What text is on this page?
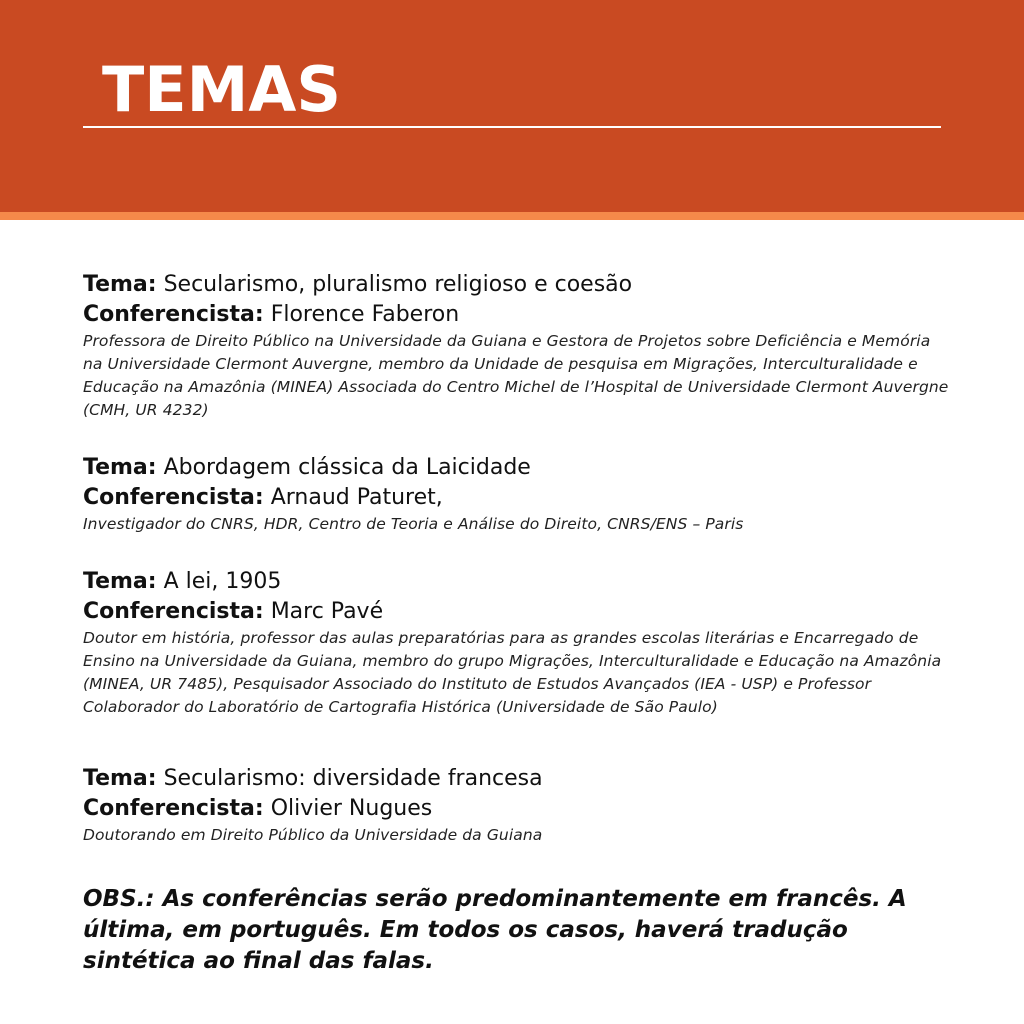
TEMAS
Tema: Secularismo, pluralismo religioso e coesão
Conferencista: Florence Faberon
Professora de Direito Público na Universidade da Guiana e Gestora de Projetos sobre Deficiência e Memória na Universidade Clermont Auvergne, membro da Unidade de pesquisa em Migrações, Interculturalidade e Educação na Amazônia (MINEA) Associada do Centro Michel de l’Hospital de Universidade Clermont Auvergne (CMH, UR 4232)
Tema: Abordagem clássica da Laicidade
Conferencista: Arnaud Paturet,
Investigador do CNRS, HDR, Centro de Teoria e Análise do Direito, CNRS/ENS – Paris
Tema: A lei, 1905
Conferencista: Marc Pavé
Doutor em história, professor das aulas preparatórias para as grandes escolas literárias e Encarregado de Ensino na Universidade da Guiana, membro do grupo Migrações, Interculturalidade e Educação na Amazônia (MINEA, UR 7485), Pesquisador Associado do Instituto de Estudos Avançados (IEA - USP) e Professor Colaborador do Laboratório de Cartografia Histórica (Universidade de São Paulo)
Tema: Secularismo: diversidade francesa
Conferencista: Olivier Nugues
Doutorando em Direito Público da Universidade da Guiana

OBS.: As conferências serão predominantemente em francês. A última, em português. Em todos os casos, haverá tradução sintética ao final das falas.
